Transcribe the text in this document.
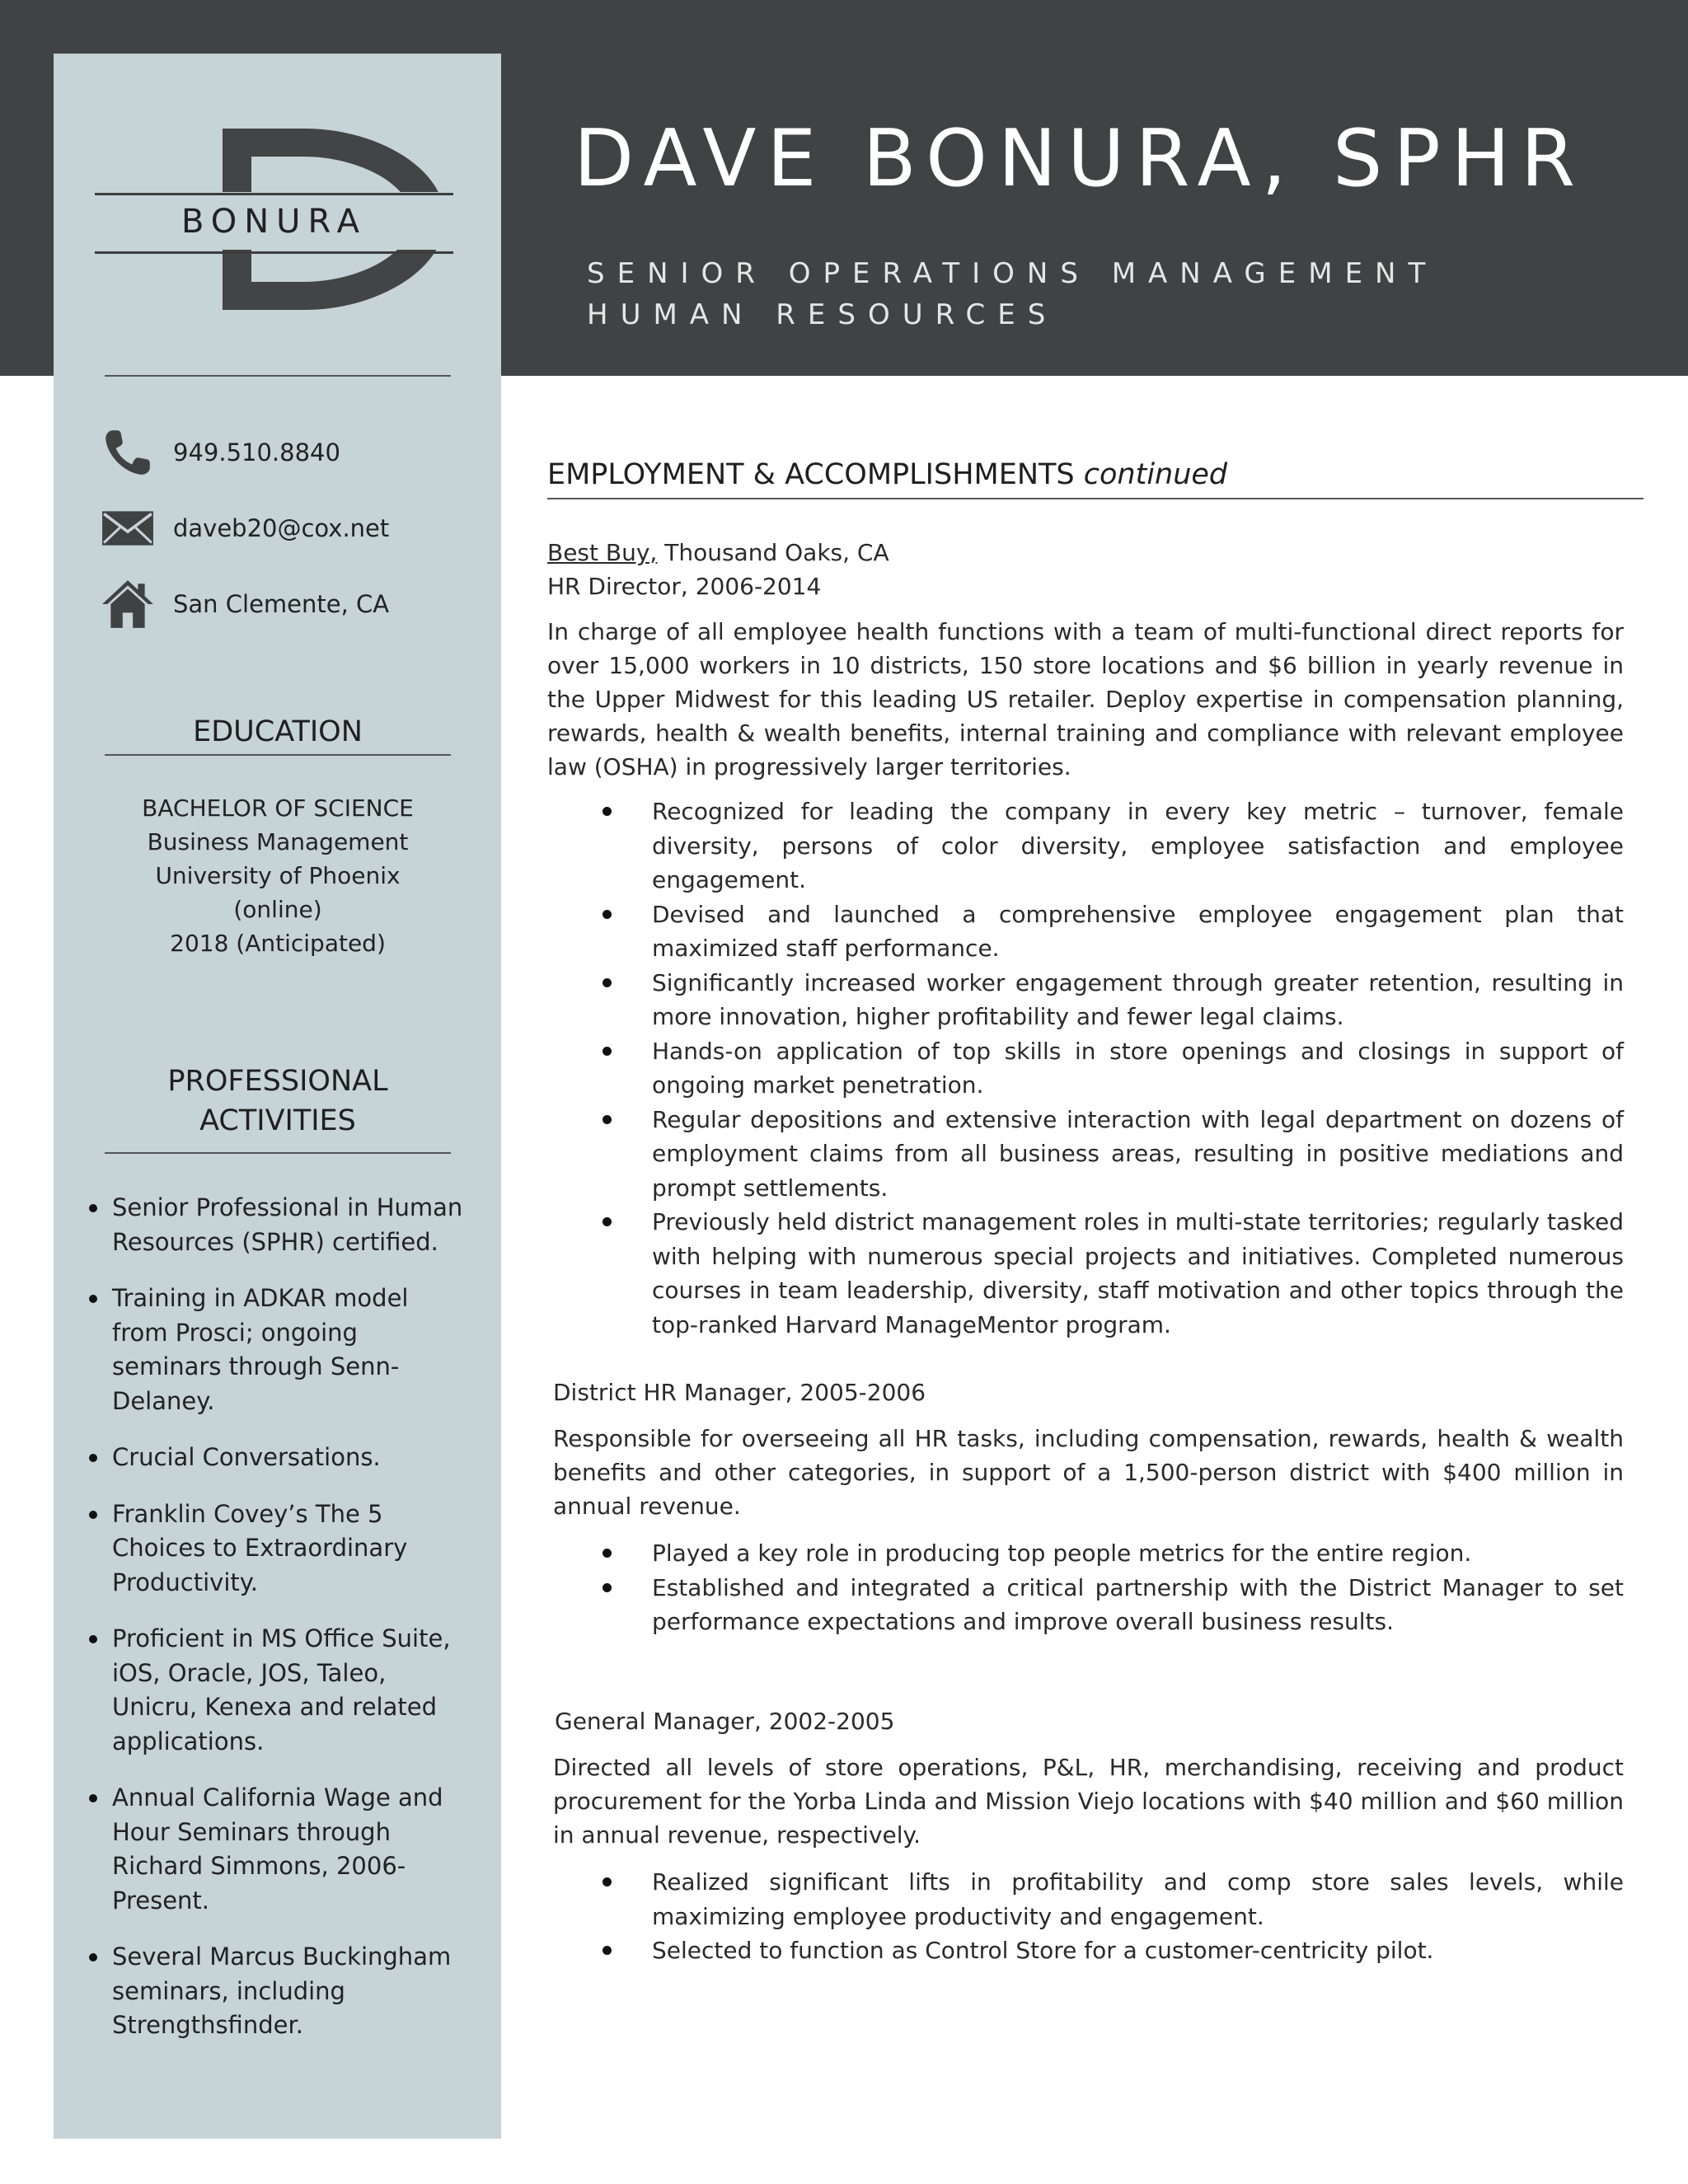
DAVE BONURA, SPHR
SENIOR OPERATIONS MANAGEMENT
HUMAN RESOURCES
BONURA
949.510.8840
daveb20@cox.net
San Clemente, CA
EDUCATION
BACHELOR OF SCIENCE
Business Management
University of Phoenix
(online)
2018 (Anticipated)
PROFESSIONAL
ACTIVITIES
Senior Professional in Human Resources (SPHR) certified.
Training in ADKAR model from Prosci; ongoing seminars through Senn-Delaney.
Crucial Conversations.
Franklin Covey’s The 5 Choices to Extraordinary Productivity.
Proficient in MS Office Suite, iOS, Oracle, JOS, Taleo, Unicru, Kenexa and related applications.
Annual California Wage and Hour Seminars through Richard Simmons, 2006-Present.
Several Marcus Buckingham seminars, including Strengthsfinder.
EMPLOYMENT & ACCOMPLISHMENTS continued
Best Buy, Thousand Oaks, CA
HR Director, 2006-2014

In charge of all employee health functions with a team of multi-functional direct reports for over 15,000 workers in 10 districts, 150 store locations and $6 billion in yearly revenue in the Upper Midwest for this leading US retailer. Deploy expertise in compensation planning, rewards, health & wealth benefits, internal training and compliance with relevant employee law (OSHA) in progressively larger territories.

Recognized for leading the company in every key metric – turnover, female diversity, persons of color diversity, employee satisfaction and employee engagement.
Devised and launched a comprehensive employee engagement plan that maximized staff performance.
Significantly increased worker engagement through greater retention, resulting in more innovation, higher profitability and fewer legal claims.
Hands-on application of top skills in store openings and closings in support of ongoing market penetration.
Regular depositions and extensive interaction with legal department on dozens of employment claims from all business areas, resulting in positive mediations and prompt settlements.
Previously held district management roles in multi-state territories; regularly tasked with helping with numerous special projects and initiatives. Completed numerous courses in team leadership, diversity, staff motivation and other topics through the top-ranked Harvard ManageMentor program.
District HR Manager, 2005-2006

Responsible for overseeing all HR tasks, including compensation, rewards, health & wealth benefits and other categories, in support of a 1,500-person district with $400 million in annual revenue.

Played a key role in producing top people metrics for the entire region.
Established and integrated a critical partnership with the District Manager to set performance expectations and improve overall business results.
General Manager, 2002-2005

Directed all levels of store operations, P&L, HR, merchandising, receiving and product procurement for the Yorba Linda and Mission Viejo locations with $40 million and $60 million in annual revenue, respectively.

Realized significant lifts in profitability and comp store sales levels, while maximizing employee productivity and engagement.
Selected to function as Control Store for a customer-centricity pilot.
